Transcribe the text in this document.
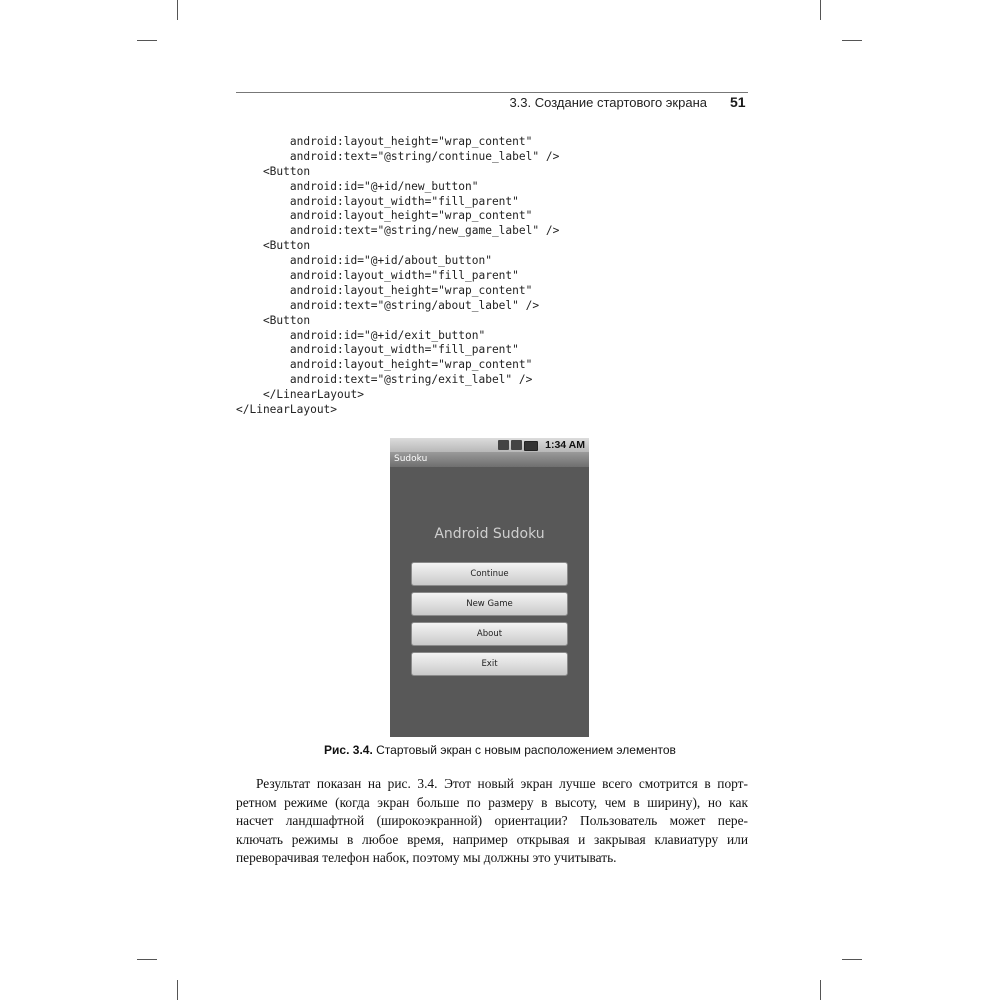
3.3. Создание стартового экрана 51
android:layout_height="wrap_content"
android:text="@string/continue_label" />
<Button
android:id="@+id/new_button"
android:layout_width="fill_parent"
android:layout_height="wrap_content"
android:text="@string/new_game_label" />
<Button
android:id="@+id/about_button"
android:layout_width="fill_parent"
android:layout_height="wrap_content"
android:text="@string/about_label" />
<Button
android:id="@+id/exit_button"
android:layout_width="fill_parent"
android:layout_height="wrap_content"
android:text="@string/exit_label" />
</LinearLayout>
</LinearLayout>
1:34 AM
Sudoku
Android Sudoku
Continue
New Game
About
Exit
Рис. 3.4. Стартовый экран с новым расположением элементов
Результат показан на рис. 3.4. Этот новый экран лучше всего смотрится в порт-
ретном режиме (когда экран больше по размеру в высоту, чем в ширину), но как
насчет ландшафтной (широкоэкранной) ориентации? Пользователь может пере-
ключать режимы в любое время, например открывая и закрывая клавиатуру или
переворачивая телефон набок, поэтому мы должны это учитывать.
